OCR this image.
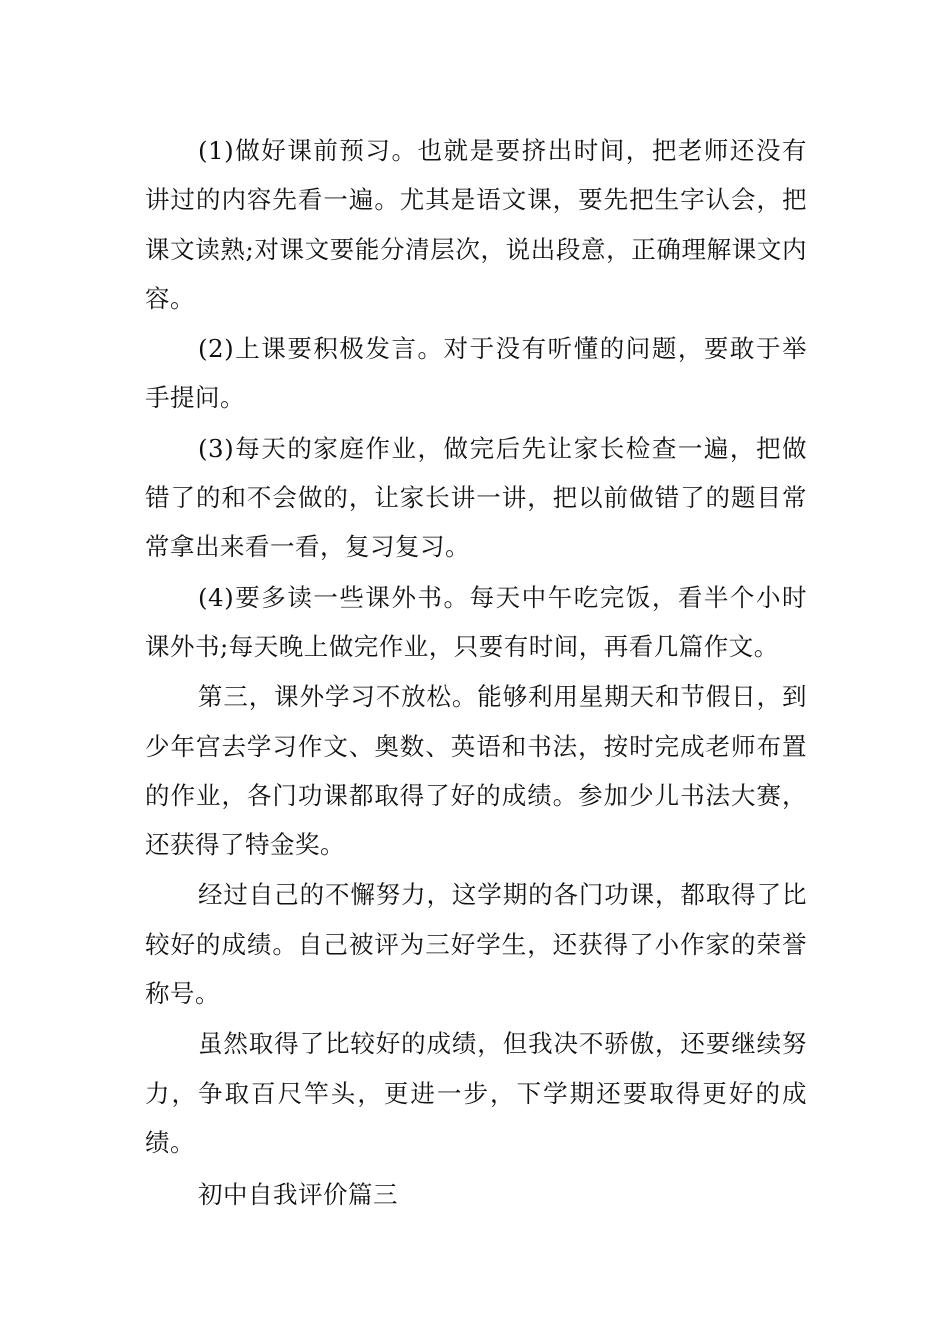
(1)做好课前预习。也就是要挤出时间，把老师还没有讲过的内容先看一遍。尤其是语文课，要先把生字认会，把课文读熟;对课文要能分清层次，说出段意，正确理解课文内容。

(2)上课要积极发言。对于没有听懂的问题，要敢于举手提问。

(3)每天的家庭作业，做完后先让家长检查一遍，把做错了的和不会做的，让家长讲一讲，把以前做错了的题目常常拿出来看一看，复习复习。

(4)要多读一些课外书。每天中午吃完饭，看半个小时课外书;每天晚上做完作业，只要有时间，再看几篇作文。

第三，课外学习不放松。能够利用星期天和节假日，到少年宫去学习作文、奥数、英语和书法，按时完成老师布置的作业，各门功课都取得了好的成绩。参加少儿书法大赛，还获得了特金奖。

经过自己的不懈努力，这学期的各门功课，都取得了比较好的成绩。自己被评为三好学生，还获得了小作家的荣誉称号。

虽然取得了比较好的成绩，但我决不骄傲，还要继续努力，争取百尺竿头，更进一步，下学期还要取得更好的成绩。

初中自我评价篇三
